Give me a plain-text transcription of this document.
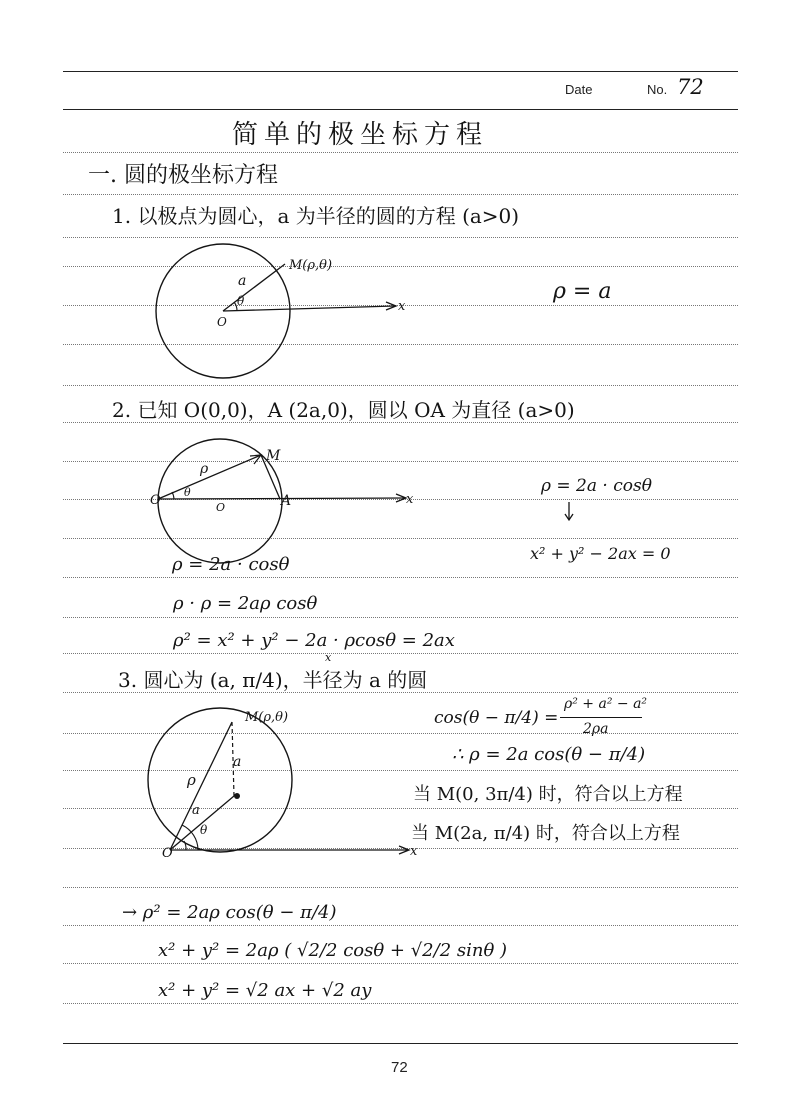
Date	No. 72
简单的极坐标方程
一. 圆的极坐标方程
1. 以极点为圆心，a 为半径的圆的方程 (a>0)
M(ρ,θ)
a
θ
O
x
ρ = a
2. 已知 O(0,0)，A (2a,0)，圆以 OA 为直径 (a>0)
O	A
O
M
ρ
θ	x
ρ = 2a · cosθ
x² + y² − 2ax = 0
ρ = 2a · cosθ
ρ · ρ = 2aρ cosθ
ρ² = x² + y² − 2a · ρcosθ = 2ax
x
3. 圆心为 (a, π/4)，半径为 a 的圆
M(ρ,θ)
a
ρ
a
θ
O	x
cos(θ − π/4) =
ρ² + a² − a²
2ρa
∴ ρ = 2a cos(θ − π/4)
当 M(0, 3π/4) 时，符合以上方程
当 M(2a, π/4) 时，符合以上方程
→ ρ² = 2aρ cos(θ − π/4)
x² + y² = 2aρ ( √2/2 cosθ + √2/2 sinθ )
x² + y² = √2 ax + √2 ay
72
